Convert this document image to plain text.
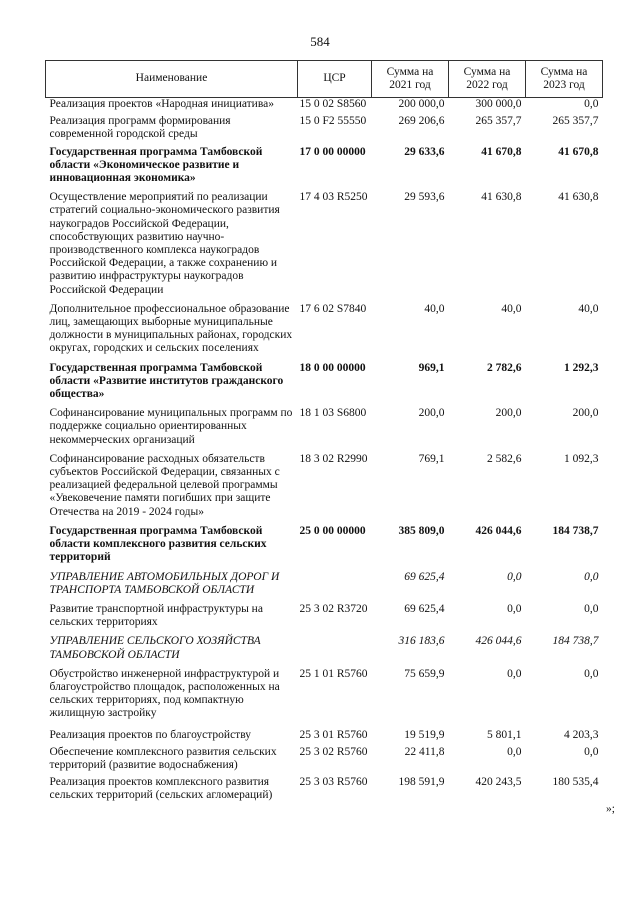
584
Наименование	ЦСР	Сумма на 2021 год	Сумма на 2022 год	Сумма на 2023 год
Реализация проектов «Народная инициатива»	15 0 02 S8560	200 000,0	300 000,0	0,0
Реализация программ формирования современной городской среды	15 0 F2 55550	269 206,6	265 357,7	265 357,7
Государственная программа Тамбовской области «Экономическое развитие и инновационная экономика»	17 0 00 00000	29 633,6	41 670,8	41 670,8
Осуществление мероприятий по реализации стратегий социально-экономического развития наукоградов Российской Федерации, способствующих развитию научно-производственного комплекса наукоградов Российской Федерации, а также сохранению и развитию инфраструктуры наукоградов Российской Федерации	17 4 03 R5250	29 593,6	41 630,8	41 630,8
Дополнительное профессиональное образование лиц, замещающих выборные муниципальные должности в муниципальных районах, городских округах, городских и сельских поселениях	17 6 02 S7840	40,0	40,0	40,0
Государственная программа Тамбовской области «Развитие институтов гражданского общества»	18 0 00 00000	969,1	2 782,6	1 292,3
Софинансирование муниципальных программ по поддержке социально ориентированных некоммерческих организаций	18 1 03 S6800	200,0	200,0	200,0
Софинансирование расходных обязательств субъектов Российской Федерации, связанных с реализацией федеральной целевой программы «Увековечение памяти погибших при защите Отечества на 2019 - 2024 годы»	18 3 02 R2990	769,1	2 582,6	1 092,3
Государственная программа Тамбовской области комплексного развития сельских территорий	25 0 00 00000	385 809,0	426 044,6	184 738,7
УПРАВЛЕНИЕ АВТОМОБИЛЬНЫХ ДОРОГ И ТРАНСПОРТА ТАМБОВСКОЙ ОБЛАСТИ		69 625,4	0,0	0,0
Развитие транспортной инфраструктуры на сельских территориях	25 3 02 R3720	69 625,4	0,0	0,0
УПРАВЛЕНИЕ СЕЛЬСКОГО ХОЗЯЙСТВА ТАМБОВСКОЙ ОБЛАСТИ		316 183,6	426 044,6	184 738,7
Обустройство инженерной инфраструктурой и благоустройство площадок, расположенных на сельских территориях, под компактную жилищную застройку	25 1 01 R5760	75 659,9	0,0	0,0
Реализация проектов по благоустройству	25 3 01 R5760	19 519,9	5 801,1	4 203,3
Обеспечение комплексного развития сельских территорий (развитие водоснабжения)	25 3 02 R5760	22 411,8	0,0	0,0
Реализация проектов комплексного развития сельских территорий (сельских агломераций)	25 3 03 R5760	198 591,9	420 243,5	180 535,4
»;
